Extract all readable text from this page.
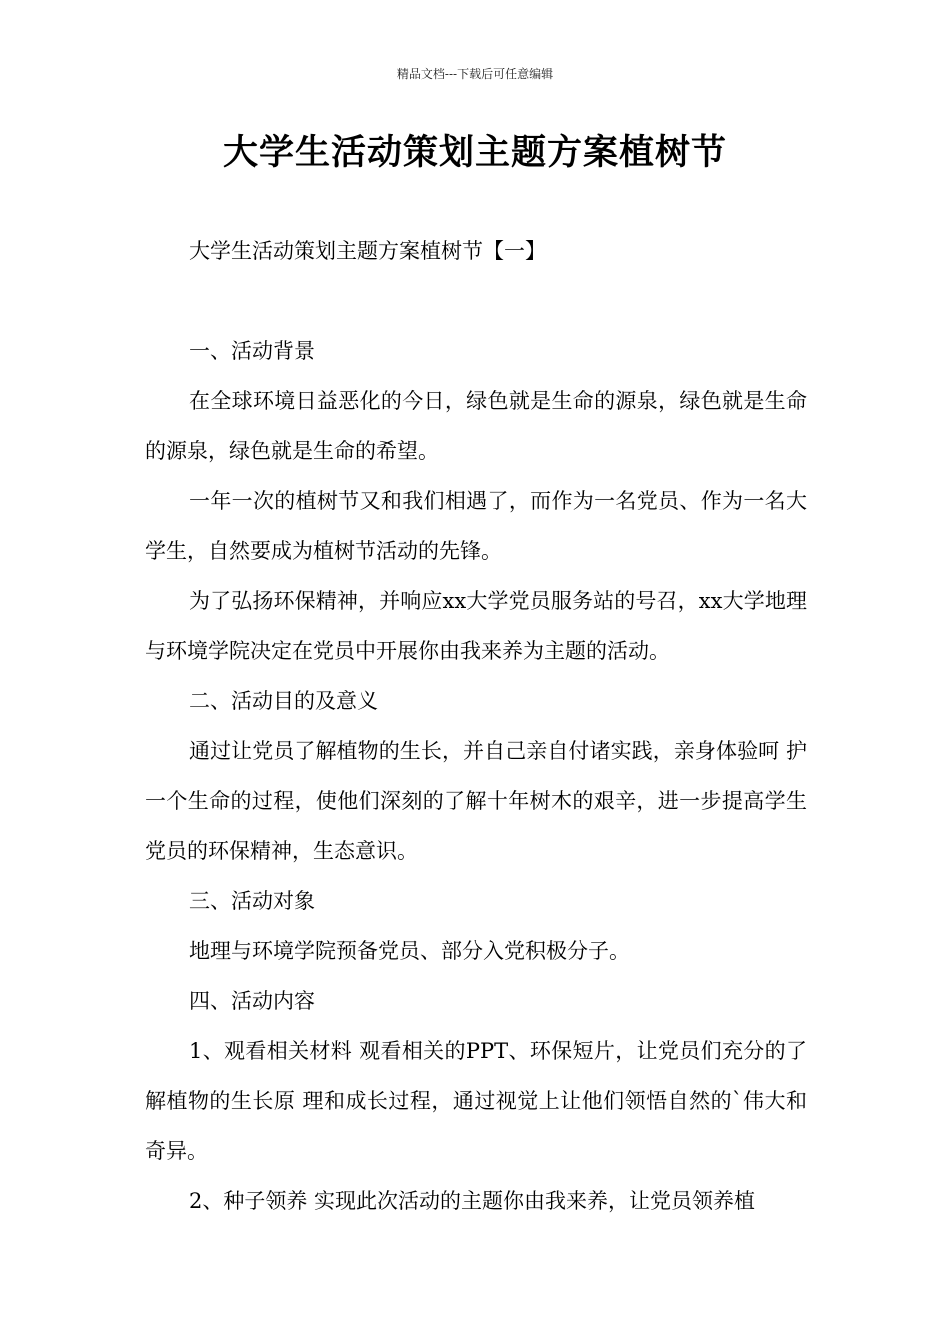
精品文档---下载后可任意编辑
大学生活动策划主题方案植树节

大学生活动策划主题方案植树节【一】

一、活动背景

在全球环境日益恶化的今日，绿色就是生命的源泉，绿色就是生命的源泉，绿色就是生命的希望。

一年一次的植树节又和我们相遇了，而作为一名党员、作为一名大学生，自然要成为植树节活动的先锋。

为了弘扬环保精神，并响应xx大学党员服务站的号召，xx大学地理与环境学院决定在党员中开展你由我来养为主题的活动。

二、活动目的及意义

通过让党员了解植物的生长，并自己亲自付诸实践，亲身体验呵 护一个生命的过程，使他们深刻的了解十年树木的艰辛，进一步提高学生党员的环保精神，生态意识。

三、活动对象

地理与环境学院预备党员、部分入党积极分子。

四、活动内容

1、观看相关材料 观看相关的PPT、环保短片，让党员们充分的了解植物的生长原 理和成长过程，通过视觉上让他们领悟自然的`伟大和奇异。

2、种子领养 实现此次活动的主题你由我来养，让党员领养植
